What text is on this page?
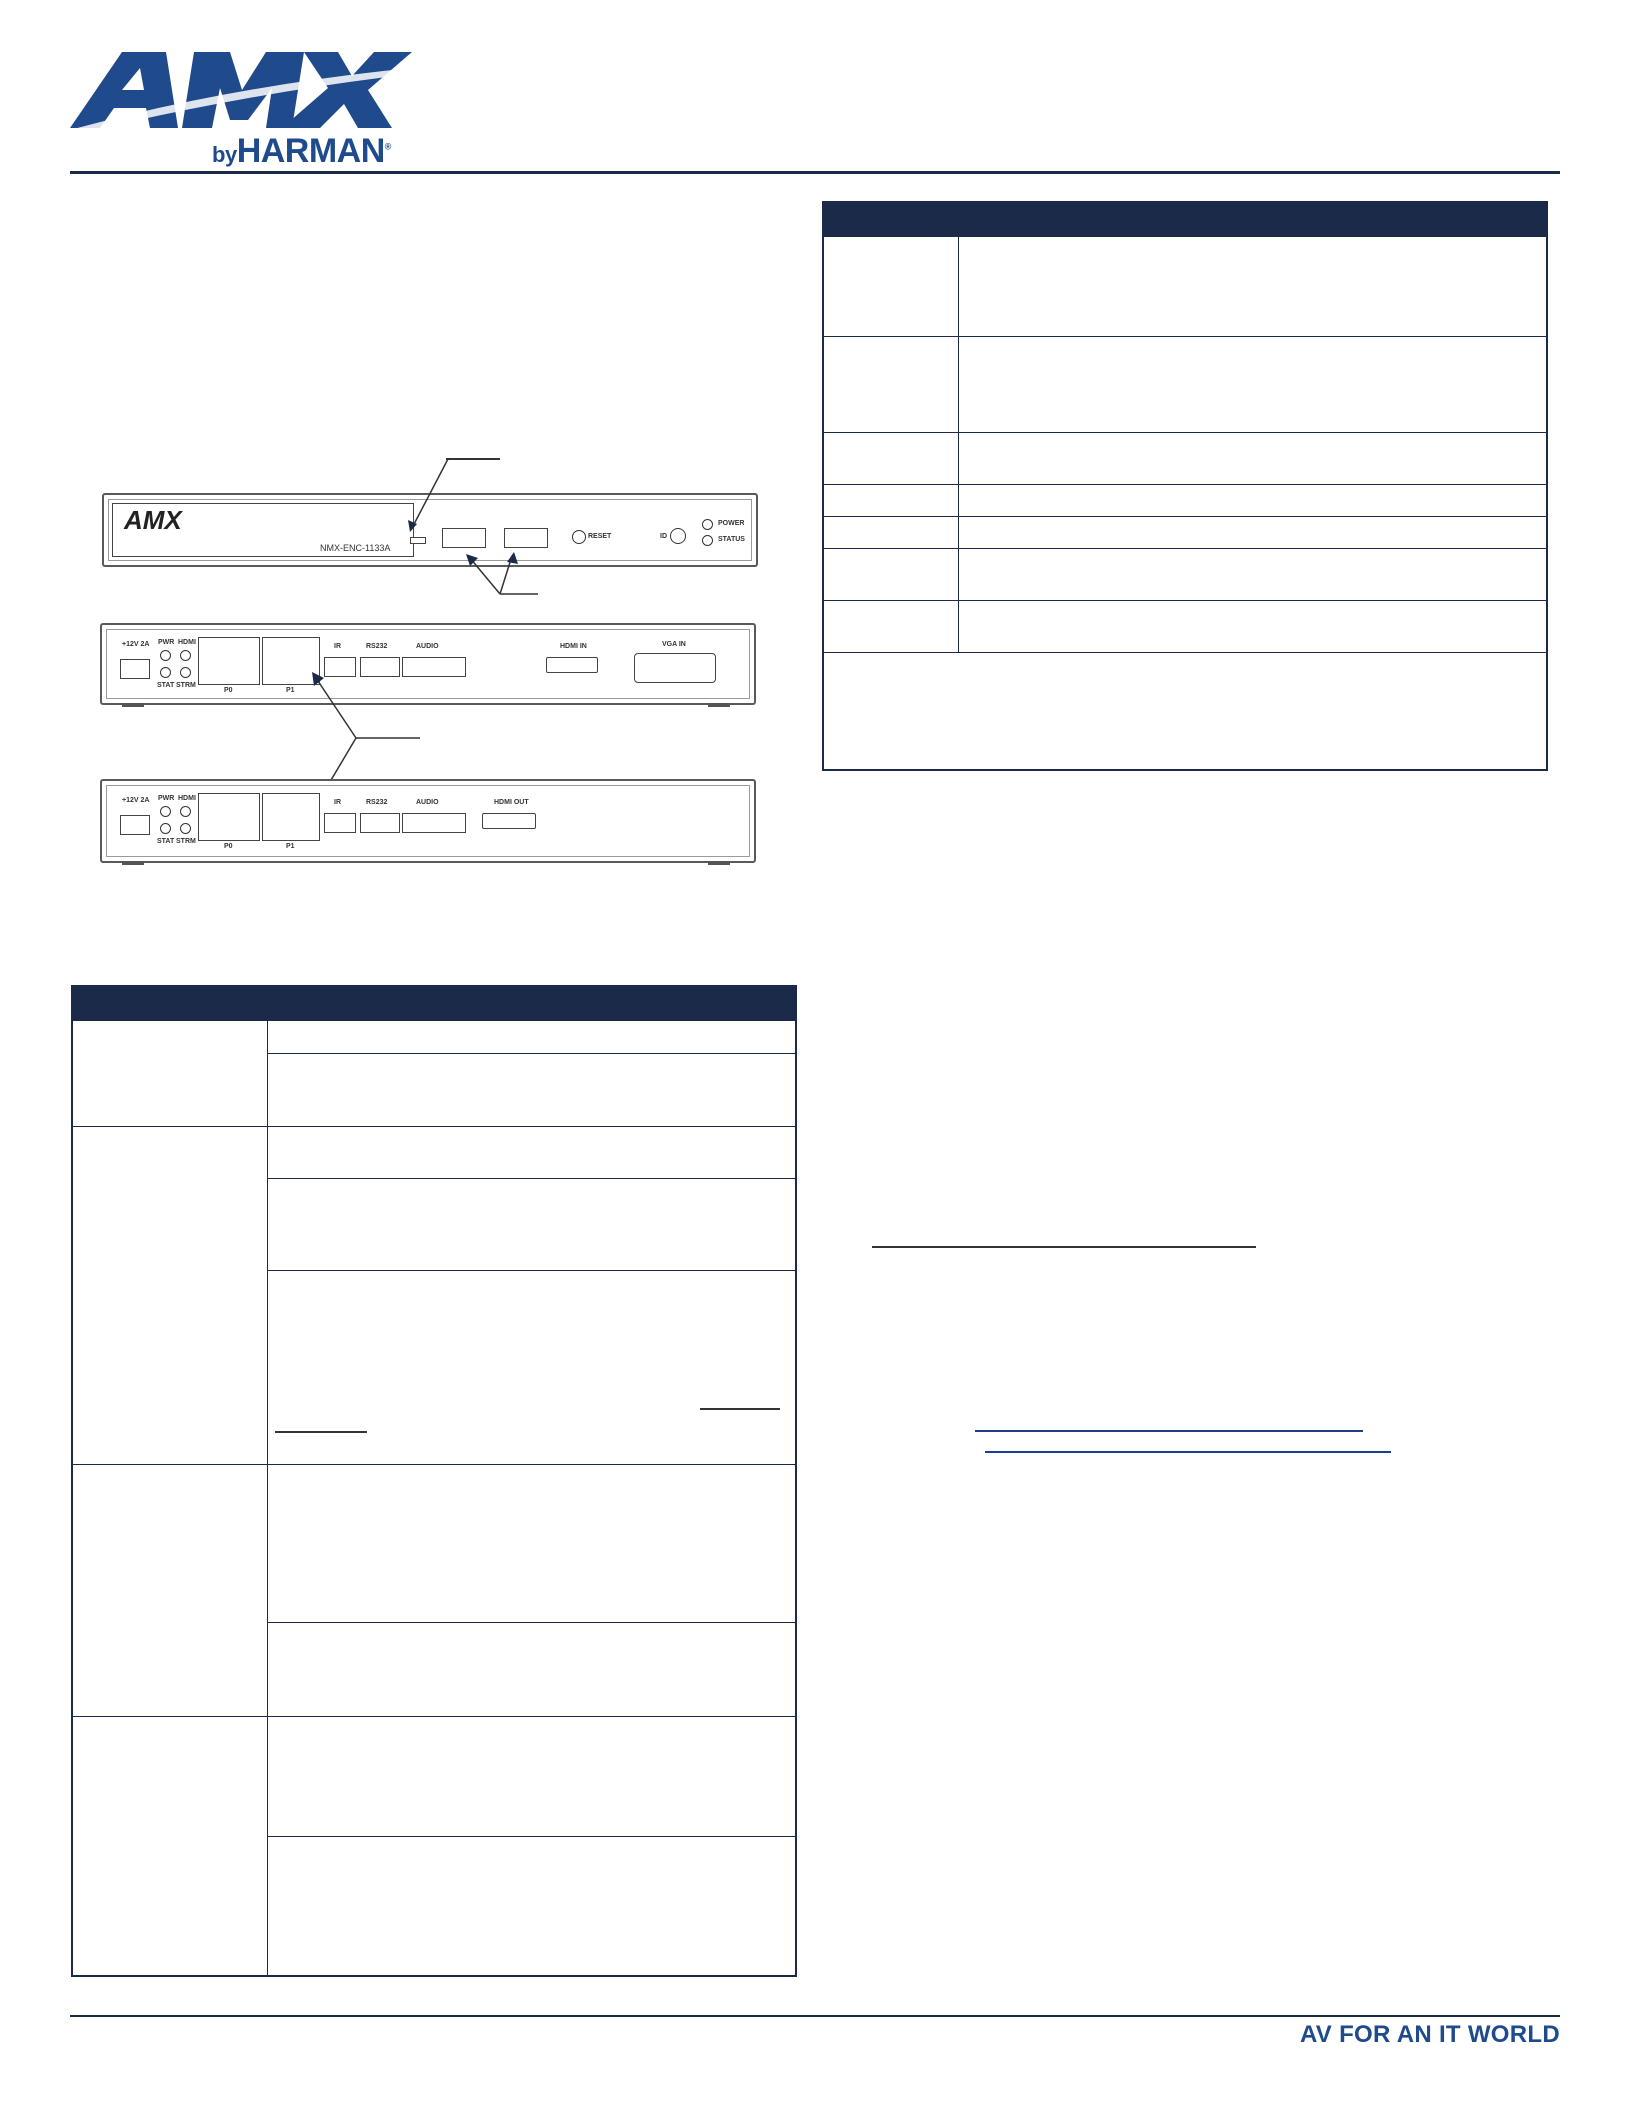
byHARMAN®
AMX
NMX-ENC-1133A
RESET	ID
POWER
STATUS
+12V 2A PWR HDMI
STAT STRM
P0	P1
IR	RS232	AUDIO	HDMI IN	VGA IN
+12V 2A PWR HDMI
STAT STRM
P0	P1
IR	RS232	AUDIO	HDMI OUT

AV FOR AN IT WORLD
